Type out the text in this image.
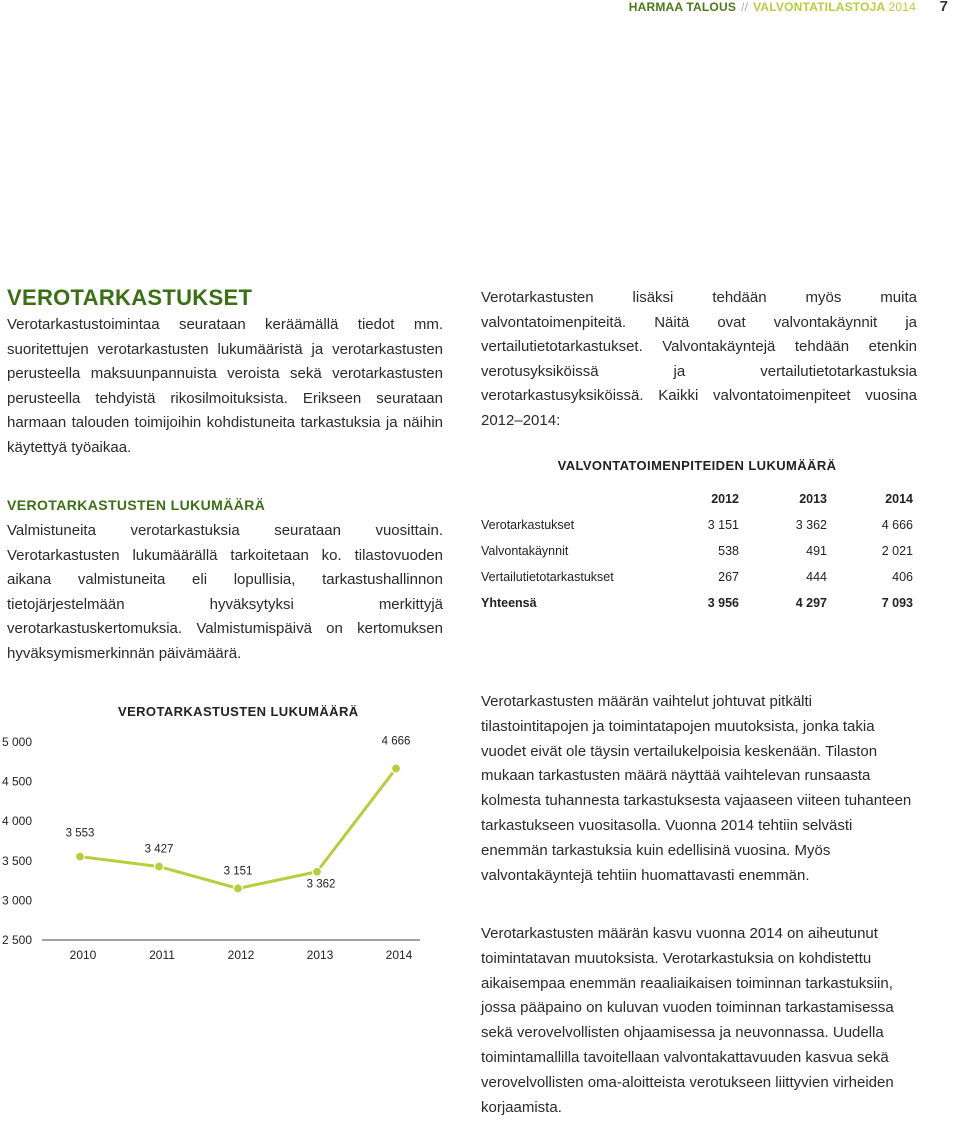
HARMAA TALOUS // VALVONTATILASTOJA 2014 7
VEROTARKASTUKSET

Verotarkastustoimintaa seurataan keräämällä tiedot mm. suoritettujen verotarkastusten lukumääristä ja verotarkastusten perusteella maksuunpannuista veroista sekä verotarkastusten perusteella tehdyistä rikosilmoituksista. Erikseen seurataan harmaan talouden toimijoihin kohdistuneita tarkastuksia ja näihin käytettyä työaikaa.

VEROTARKASTUSTEN LUKUMÄÄRÄ

Valmistuneita verotarkastuksia seurataan vuosittain. Verotarkastusten lukumäärällä tarkoitetaan ko. tilastovuoden aikana valmistuneita eli lopullisia, tarkastushallinnon tietojärjestelmään hyväksytyksi merkittyjä verotarkastuskertomuksia. Valmistumispäivä on kertomuksen hyväksymismerkinnän päivämäärä.

Verotarkastusten lisäksi tehdään myös muita valvontatoimenpiteitä. Näitä ovat valvontakäynnit ja vertailutietotarkastukset. Valvontakäyntejä tehdään etenkin verotusyksiköissä ja vertailutietotarkastuksia verotarkastusyksiköissä. Kaikki valvontatoimenpiteet vuosina 2012–2014:

VALVONTATOIMENPITEIDEN LUKUMÄÄRÄ
	2012	2013	2014
Verotarkastukset	3 151	3 362	4 666
Valvontakäynnit	538	491	2 021
Vertailutietotarkastukset	267	444	406
Yhteensä	3 956	4 297	7 093

Verotarkastusten määrän vaihtelut johtuvat pitkälti tilastointitapojen ja toimintatapojen muutoksista, jonka takia vuodet eivät ole täysin vertailukelpoisia keskenään. Tilaston mukaan tarkastusten määrä näyttää vaihtelevan runsaasta kolmesta tuhannesta tarkastuksesta vajaaseen viiteen tuhanteen tarkastukseen vuositasolla. Vuonna 2014 tehtiin selvästi enemmän tarkastuksia kuin edellisinä vuosina. Myös valvontakäyntejä tehtiin huomattavasti enemmän.

Verotarkastusten määrän kasvu vuonna 2014 on aiheutunut toimintatavan muutoksista. Verotarkastuksia on kohdistettu aikaisempaa enemmän reaaliaikaisen toiminnan tarkastuksiin, jossa pääpaino on kuluvan vuoden toiminnan tarkastamisessa sekä verovelvollisten ohjaamisessa ja neuvonnassa. Uudella toimintamallilla tavoitellaan valvontakattavuuden kasvua sekä verovelvollisten oma-aloitteista verotukseen liittyvien virheiden korjaamista.

VEROTARKASTUSTEN LUKUMÄÄRÄ
2 500
3 000
3 500
4 000
4 500
5 000
2010	2011	2012	2013	2014
3 553
3 427
3 151
3 362
4 666
